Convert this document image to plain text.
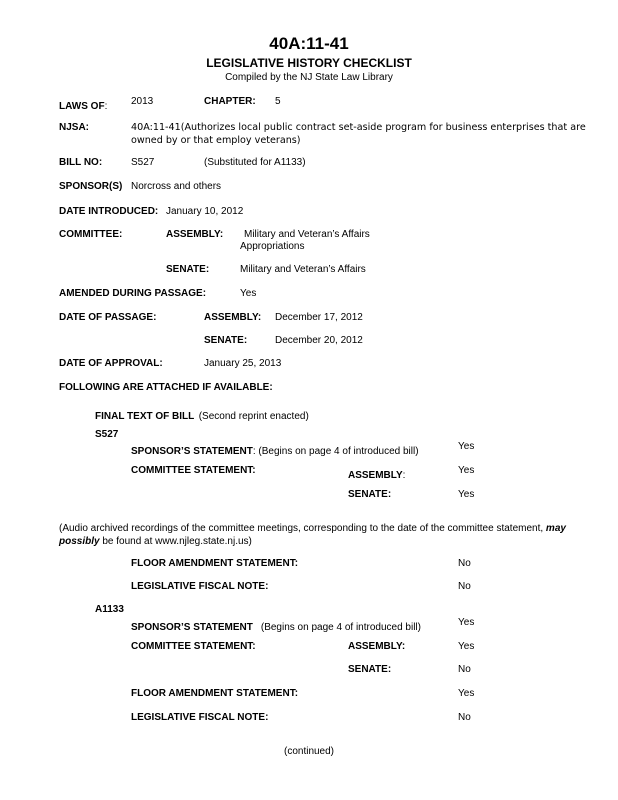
40A:11-41
LEGISLATIVE HISTORY CHECKLIST
Compiled by the NJ State Law Library
LAWS OF: 2013	CHAPTER: 5
NJSA:	40A:11-41(Authorizes local public contract set-aside program for business enterprises that are
owned by or that employ veterans)
BILL NO:	S527	(Substituted for A1133)
SPONSOR(S) Norcross and others
DATE INTRODUCED: January 10, 2012
COMMITTEE:	ASSEMBLY: Military and Veteran’s Affairs
Appropriations
SENATE:	Military and Veteran’s Affairs
AMENDED DURING PASSAGE:	Yes
DATE OF PASSAGE:	ASSEMBLY: December 17, 2012
SENATE:	December 20, 2012
DATE OF APPROVAL:	January 25, 2013
FOLLOWING ARE ATTACHED IF AVAILABLE:
FINAL TEXT OF BILL (Second reprint enacted)
S527
SPONSOR’S STATEMENT: (Begins on page 4 of introduced bill)	Yes
COMMITTEE STATEMENT:	ASSEMBLY:	Yes
SENATE:	Yes
(Audio archived recordings of the committee meetings, corresponding to the date of the committee statement, may possibly be found at www.njleg.state.nj.us)
FLOOR AMENDMENT STATEMENT:	No
LEGISLATIVE FISCAL NOTE:	No
A1133
SPONSOR’S STATEMENT (Begins on page 4 of introduced bill)	Yes
COMMITTEE STATEMENT:	ASSEMBLY:	Yes
SENATE:	No
FLOOR AMENDMENT STATEMENT:	Yes
LEGISLATIVE FISCAL NOTE:	No
(continued)
